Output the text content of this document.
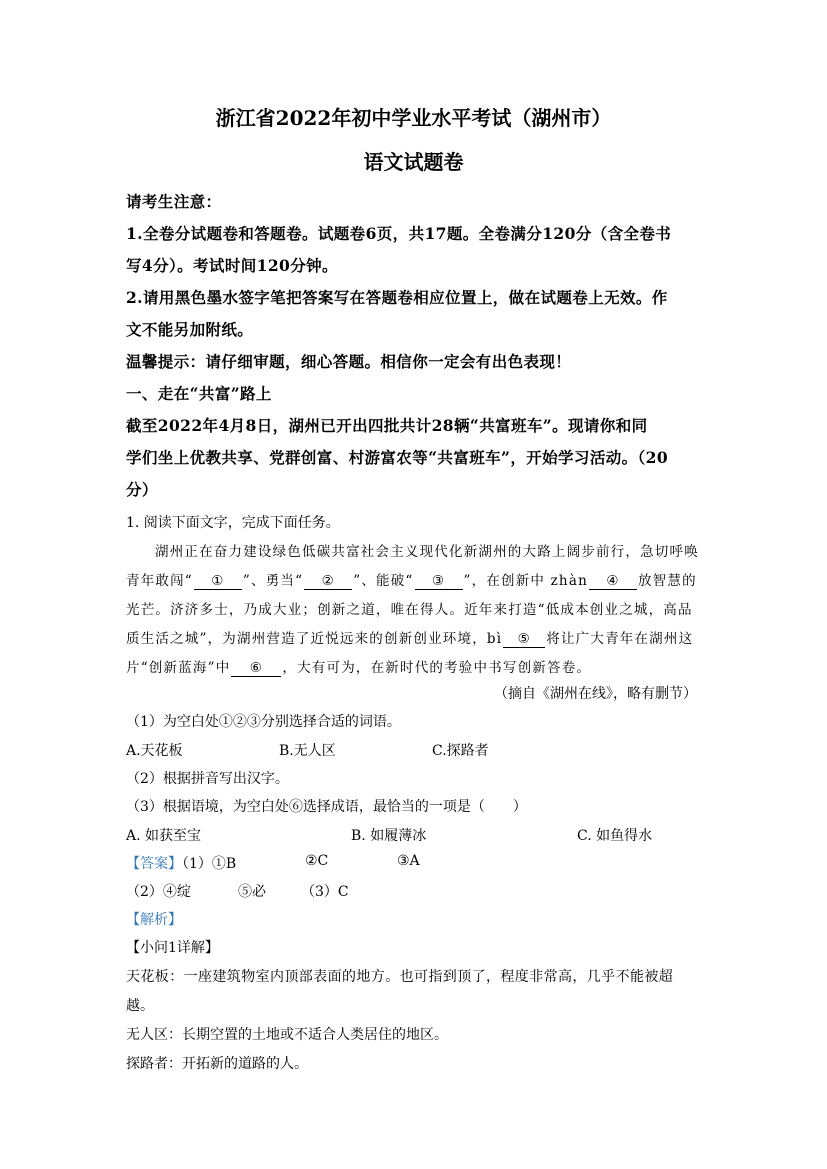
浙江省2022年初中学业水平考试（湖州市）
语文试题卷

请考生注意：

1.全卷分试题卷和答题卷。试题卷6页，共17题。全卷满分120分（含全卷书

写4分）。考试时间120分钟。

2.请用黑色墨水签字笔把答案写在答题卷相应位置上，做在试题卷上无效。作

文不能另加附纸。

温馨提示：请仔细审题，细心答题。相信你一定会有出色表现！

一、走在“共富”路上

截至2022年4月8日，湖州已开出四批共计28辆“共富班车”。现请你和同

学们坐上优教共享、党群创富、村游富农等“共富班车”，开始学习活动。（20

分）

1. 阅读下面文字，完成下面任务。

湖州正在奋力建设绿色低碳共富社会主义现代化新湖州的大路上阔步前行，急切呼唤

青年敢闯“ ① ”、勇当“ ② ”、能破“ ③ ”，在创新中 zhàn ④ 放智慧的

光芒。济济多士，乃成大业；创新之道，唯在得人。近年来打造“低成本创业之城，高品

质生活之城”，为湖州营造了近悦远来的创新创业环境，bì ⑤ 将让广大青年在湖州这

片“创新蓝海”中 ⑥ ，大有可为，在新时代的考验中书写创新答卷。

（摘自《湖州在线》，略有删节）

（1）为空白处①②③分别选择合适的词语。

A.天花板	B.无人区	C.探路者

（2）根据拼音写出汉字。

（3）根据语境，为空白处⑥选择成语，最恰当的一项是（　　）

A. 如获至宝	B. 如履薄冰	C. 如鱼得水

【答案】（1）①B	②C	③A

（2）④绽	⑤必	（3）C

【解析】

【小问1详解】

天花板：一座建筑物室内顶部表面的地方。也可指到顶了，程度非常高，几乎不能被超

越。

无人区：长期空置的土地或不适合人类居住的地区。

探路者：开拓新的道路的人。
